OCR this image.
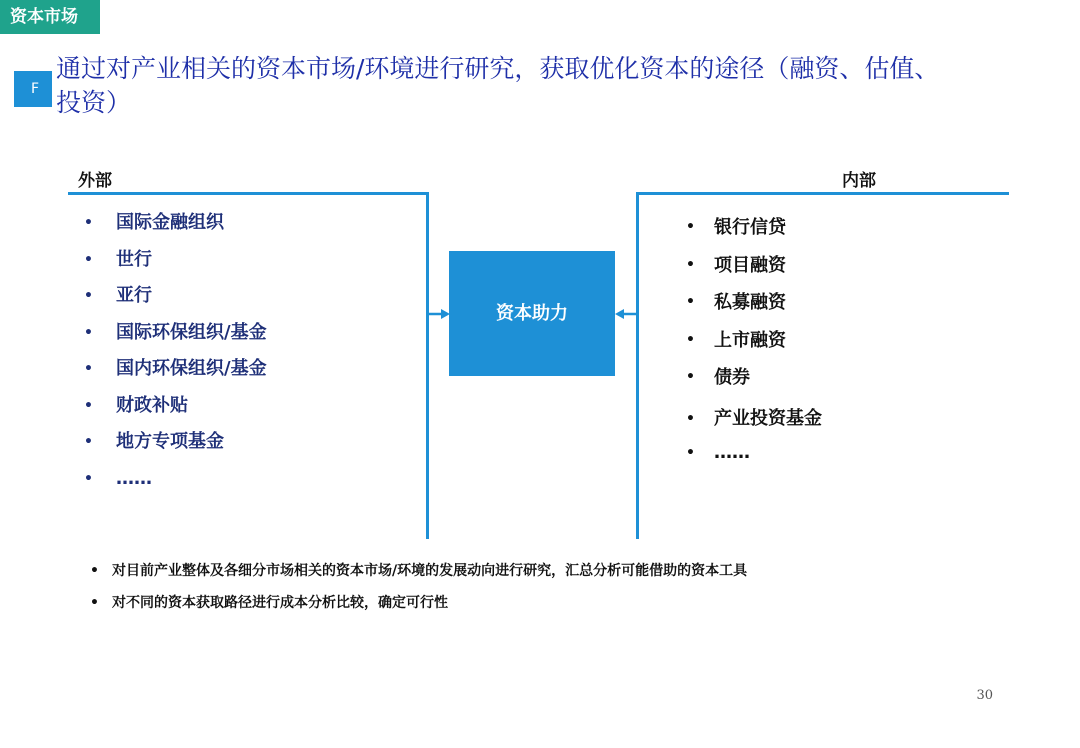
资本市场
F
通过对产业相关的资本市场/环境进行研究，获取优化资本的途径（融资、估值、
投资）
外部
• 国际金融组织
• 世行
• 亚行
• 国际环保组织/基金
• 国内环保组织/基金
• 财政补贴
• 地方专项基金
• ……
内部
• 银行信贷
• 项目融资
• 私募融资
• 上市融资
• 债券
• 产业投资基金
• ……
资本助力
• 对目前产业整体及各细分市场相关的资本市场/环境的发展动向进行研究，汇总分析可能借助的资本工具
• 对不同的资本获取路径进行成本分析比较，确定可行性
30
